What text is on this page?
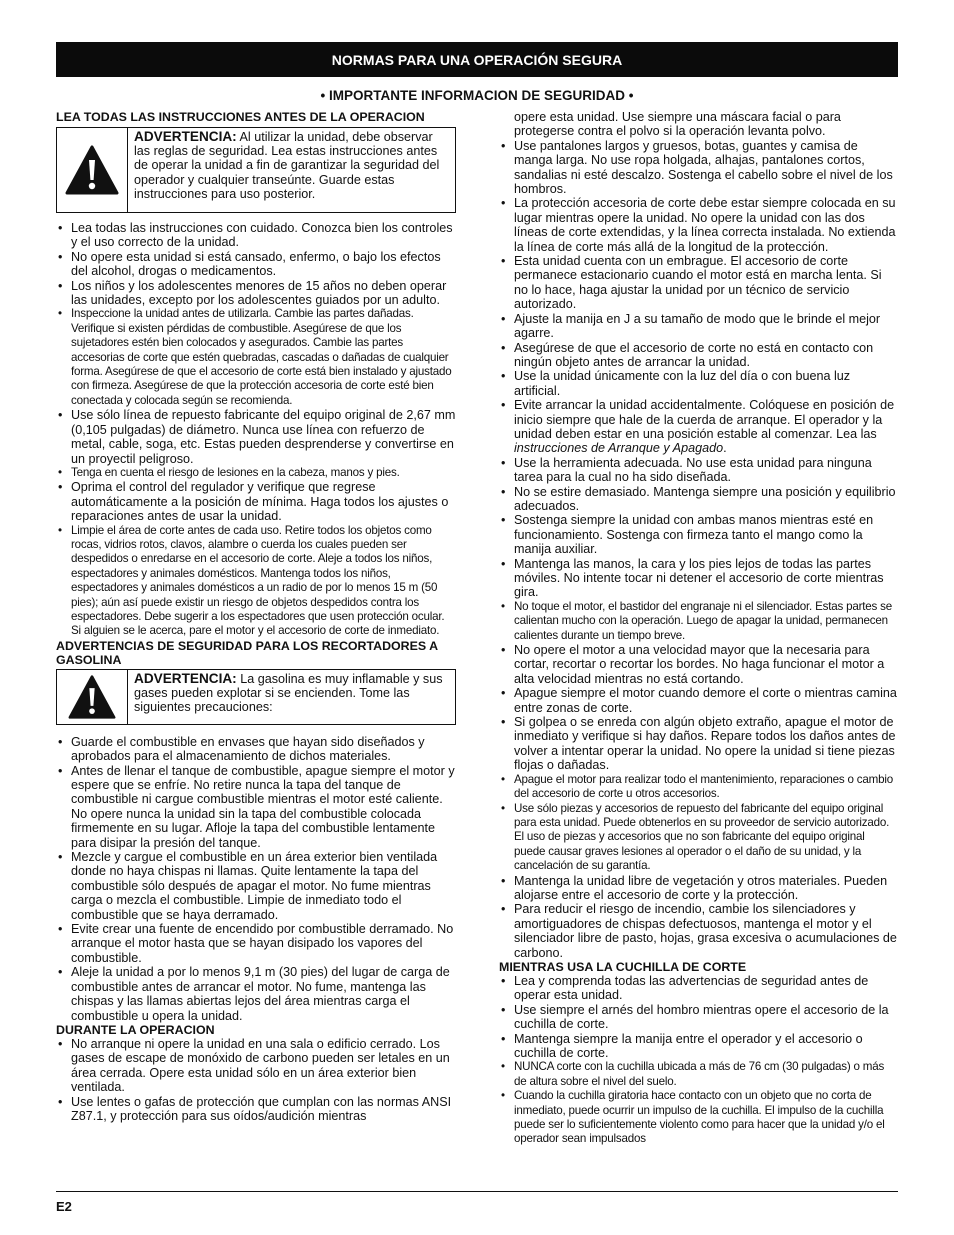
NORMAS PARA UNA OPERACIÓN SEGURA
• IMPORTANTE INFORMACION DE SEGURIDAD •
LEA TODAS LAS INSTRUCCIONES ANTES DE LA OPERACION
ADVERTENCIA: Al utilizar la unidad, debe observar las reglas de seguridad. Lea estas instrucciones antes de operar la unidad a fin de garantizar la seguridad del operador y cualquier transeúnte. Guarde estas instrucciones para uso posterior.
• Lea todas las instrucciones con cuidado. Conozca bien los controles y el uso correcto de la unidad.
• No opere esta unidad si está cansado, enfermo, o bajo los efectos del alcohol, drogas o medicamentos.
• Los niños y los adolescentes menores de 15 años no deben operar las unidades, excepto por los adolescentes guiados por un adulto.
• Inspeccione la unidad antes de utilizarla. Cambie las partes dañadas. Verifique si existen pérdidas de combustible. Asegúrese de que los sujetadores estén bien colocados y asegurados. Cambie las partes accesorias de corte que estén quebradas, cascadas o dañadas de cualquier forma. Asegúrese de que el accesorio de corte está bien instalado y ajustado con firmeza. Asegúrese de que la protección accesoria de corte esté bien conectada y colocada según se recomienda.
• Use sólo línea de repuesto fabricante del equipo original de 2,67 mm (0,105 pulgadas) de diámetro. Nunca use línea con refuerzo de metal, cable, soga, etc. Estas pueden desprenderse y convertirse en un proyectil peligroso.
• Tenga en cuenta el riesgo de lesiones en la cabeza, manos y pies.
• Oprima el control del regulador y verifique que regrese automáticamente a la posición de mínima. Haga todos los ajustes o reparaciones antes de usar la unidad.
• Limpie el área de corte antes de cada uso. Retire todos los objetos como rocas, vidrios rotos, clavos, alambre o cuerda los cuales pueden ser despedidos o enredarse en el accesorio de corte. Aleje a todos los niños, espectadores y animales domésticos. Mantenga todos los niños, espectadores y animales domésticos a un radio de por lo menos 15 m (50 pies); aún así puede existir un riesgo de objetos despedidos contra los espectadores. Debe sugerir a los espectadores que usen protección ocular. Si alguien se le acerca, pare el motor y el accesorio de corte de inmediato.
ADVERTENCIAS DE SEGURIDAD PARA LOS RECORTADORES A GASOLINA
ADVERTENCIA: La gasolina es muy inflamable y sus gases pueden explotar si se encienden. Tome las siguientes precauciones:
• Guarde el combustible en envases que hayan sido diseñados y aprobados para el almacenamiento de dichos materiales.
• Antes de llenar el tanque de combustible, apague siempre el motor y espere que se enfríe. No retire nunca la tapa del tanque de combustible ni cargue combustible mientras el motor esté caliente. No opere nunca la unidad sin la tapa del combustible colocada firmemente en su lugar. Afloje la tapa del combustible lentamente para disipar la presión del tanque.
• Mezcle y cargue el combustible en un área exterior bien ventilada donde no haya chispas ni llamas. Quite lentamente la tapa del combustible sólo después de apagar el motor. No fume mientras carga o mezcla el combustible. Limpie de inmediato todo el combustible que se haya derramado.
• Evite crear una fuente de encendido por combustible derramado. No arranque el motor hasta que se hayan disipado los vapores del combustible.
• Aleje la unidad a por lo menos 9,1 m (30 pies) del lugar de carga de combustible antes de arrancar el motor. No fume, mantenga las chispas y las llamas abiertas lejos del área mientras carga el combustible u opera la unidad.
DURANTE LA OPERACION
• No arranque ni opere la unidad en una sala o edificio cerrado. Los gases de escape de monóxido de carbono pueden ser letales en un área cerrada. Opere esta unidad sólo en un área exterior bien ventilada.
• Use lentes o gafas de protección que cumplan con las normas ANSI Z87.1, y protección para sus oídos/audición mientras
opere esta unidad. Use siempre una máscara facial o para protegerse contra el polvo si la operación levanta polvo.
• Use pantalones largos y gruesos, botas, guantes y camisa de manga larga. No use ropa holgada, alhajas, pantalones cortos, sandalias ni esté descalzo. Sostenga el cabello sobre el nivel de los hombros.
• La protección accesoria de corte debe estar siempre colocada en su lugar mientras opere la unidad. No opere la unidad con las dos líneas de corte extendidas, y la línea correcta instalada. No extienda la línea de corte más allá de la longitud de la protección.
• Esta unidad cuenta con un embrague. El accesorio de corte permanece estacionario cuando el motor está en marcha lenta. Si no lo hace, haga ajustar la unidad por un técnico de servicio autorizado.
• Ajuste la manija en J a su tamaño de modo que le brinde el mejor agarre.
• Asegúrese de que el accesorio de corte no está en contacto con ningún objeto antes de arrancar la unidad.
• Use la unidad únicamente con la luz del día o con buena luz artificial.
• Evite arrancar la unidad accidentalmente. Colóquese en posición de inicio siempre que hale de la cuerda de arranque. El operador y la unidad deben estar en una posición estable al comenzar. Lea las instrucciones de Arranque y Apagado.
• Use la herramienta adecuada. No use esta unidad para ninguna tarea para la cual no ha sido diseñada.
• No se estire demasiado. Mantenga siempre una posición y equilibrio adecuados.
• Sostenga siempre la unidad con ambas manos mientras esté en funcionamiento. Sostenga con firmeza tanto el mango como la manija auxiliar.
• Mantenga las manos, la cara y los pies lejos de todas las partes móviles. No intente tocar ni detener el accesorio de corte mientras gira.
• No toque el motor, el bastidor del engranaje ni el silenciador. Estas partes se calientan mucho con la operación. Luego de apagar la unidad, permanecen calientes durante un tiempo breve.
• No opere el motor a una velocidad mayor que la necesaria para cortar, recortar o recortar los bordes. No haga funcionar el motor a alta velocidad mientras no está cortando.
• Apague siempre el motor cuando demore el corte o mientras camina entre zonas de corte.
• Si golpea o se enreda con algún objeto extraño, apague el motor de inmediato y verifique si hay daños. Repare todos los daños antes de volver a intentar operar la unidad. No opere la unidad si tiene piezas flojas o dañadas.
• Apague el motor para realizar todo el mantenimiento, reparaciones o cambio del accesorio de corte u otros accesorios.
• Use sólo piezas y accesorios de repuesto del fabricante del equipo original para esta unidad. Puede obtenerlos en su proveedor de servicio autorizado. El uso de piezas y accesorios que no son fabricante del equipo original puede causar graves lesiones al operador o el daño de su unidad, y la cancelación de su garantía.
• Mantenga la unidad libre de vegetación y otros materiales. Pueden alojarse entre el accesorio de corte y la protección.
• Para reducir el riesgo de incendio, cambie los silenciadores y amortiguadores de chispas defectuosos, mantenga el motor y el silenciador libre de pasto, hojas, grasa excesiva o acumulaciones de carbono.
MIENTRAS USA LA CUCHILLA DE CORTE
• Lea y comprenda todas las advertencias de seguridad antes de operar esta unidad.
• Use siempre el arnés del hombro mientras opere el accesorio de la cuchilla de corte.
• Mantenga siempre la manija entre el operador y el accesorio o cuchilla de corte.
• NUNCA corte con la cuchilla ubicada a más de 76 cm (30 pulgadas) o más de altura sobre el nivel del suelo.
• Cuando la cuchilla giratoria hace contacto con un objeto que no corta de inmediato, puede ocurrir un impulso de la cuchilla. El impulso de la cuchilla puede ser lo suficientemente violento como para hacer que la unidad y/o el operador sean impulsados
E2
